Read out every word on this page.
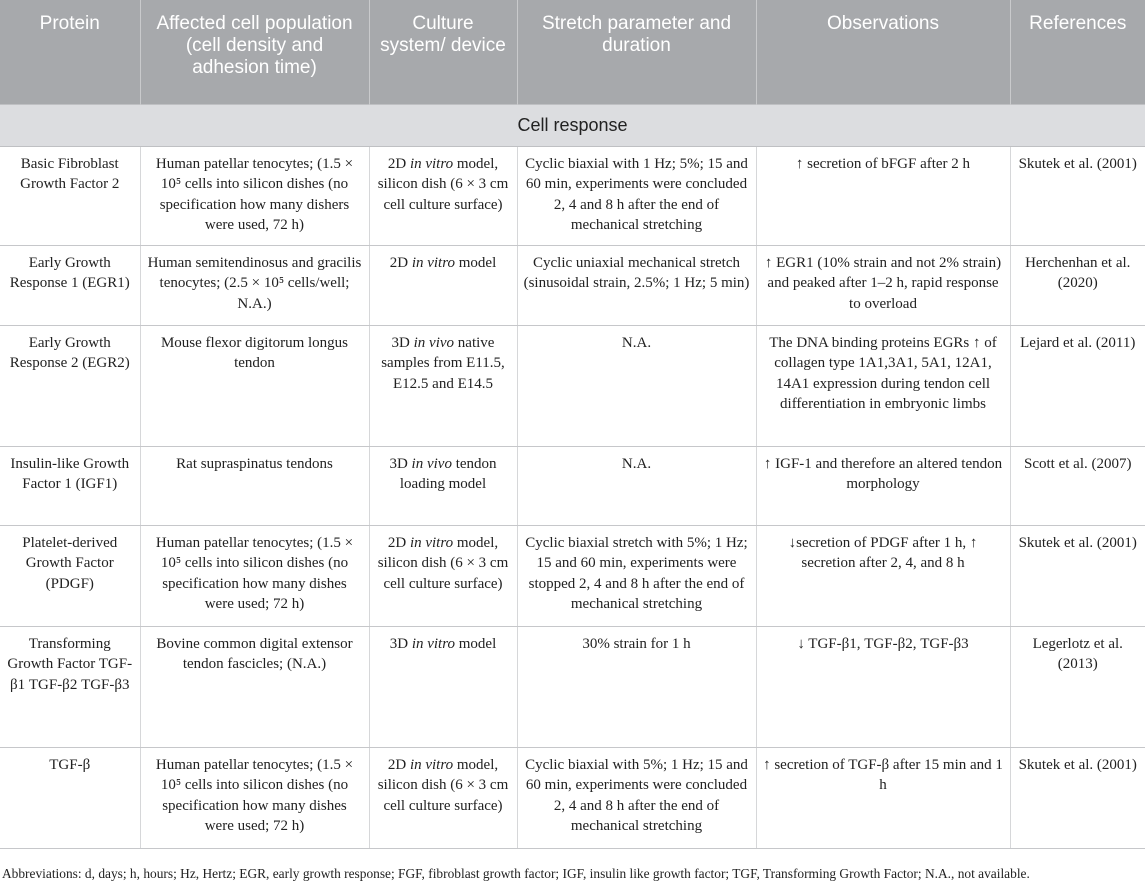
Protein	Affected cell population (cell density and adhesion time)	Culture system/ device	Stretch parameter and duration	Observations	References
Cell response					
Basic Fibroblast Growth Factor 2	Human patellar tenocytes; (1.5 × 10⁵ cells into silicon dishes (no specification how many dishers were used, 72 h)	2D in vitro model, silicon dish (6 × 3 cm cell culture surface)	Cyclic biaxial with 1 Hz; 5%; 15 and 60 min, experiments were concluded 2, 4 and 8 h after the end of mechanical stretching	↑ secretion of bFGF after 2 h	Skutek et al. (2001)
Early Growth Response 1 (EGR1)	Human semitendinosus and gracilis tenocytes; (2.5 × 10⁵ cells/well; N.A.)	2D in vitro model	Cyclic uniaxial mechanical stretch (sinusoidal strain, 2.5%; 1 Hz; 5 min)	↑ EGR1 (10% strain and not 2% strain) and peaked after 1–2 h, rapid response to overload	Herchenhan et al. (2020)
Early Growth Response 2 (EGR2)	Mouse flexor digitorum longus tendon	3D in vivo native samples from E11.5, E12.5 and E14.5	N.A.	The DNA binding proteins EGRs ↑ of collagen type 1A1,3A1, 5A1, 12A1, 14A1 expression during tendon cell differentiation in embryonic limbs	Lejard et al. (2011)
Insulin-like Growth Factor 1 (IGF1)	Rat supraspinatus tendons	3D in vivo tendon loading model	N.A.	↑ IGF-1 and therefore an altered tendon morphology	Scott et al. (2007)
Platelet-derived Growth Factor (PDGF)	Human patellar tenocytes; (1.5 × 10⁵ cells into silicon dishes (no specification how many dishes were used; 72 h)	2D in vitro model, silicon dish (6 × 3 cm cell culture surface)	Cyclic biaxial stretch with 5%; 1 Hz; 15 and 60 min, experiments were stopped 2, 4 and 8 h after the end of mechanical stretching	↓secretion of PDGF after 1 h, ↑ secretion after 2, 4, and 8 h	Skutek et al. (2001)
Transforming Growth Factor TGF-β1 TGF-β2 TGF-β3	Bovine common digital extensor tendon fascicles; (N.A.)	3D in vitro model	30% strain for 1 h	↓ TGF-β1, TGF-β2, TGF-β3	Legerlotz et al. (2013)
TGF-β	Human patellar tenocytes; (1.5 × 10⁵ cells into silicon dishes (no specification how many dishes were used; 72 h)	2D in vitro model, silicon dish (6 × 3 cm cell culture surface)	Cyclic biaxial with 5%; 1 Hz; 15 and 60 min, experiments were concluded 2, 4 and 8 h after the end of mechanical stretching	↑ secretion of TGF-β after 15 min and 1 h	Skutek et al. (2001)
Abbreviations: d, days; h, hours; Hz, Hertz; EGR, early growth response; FGF, fibroblast growth factor; IGF, insulin like growth factor; TGF, Transforming Growth Factor; N.A., not available.
